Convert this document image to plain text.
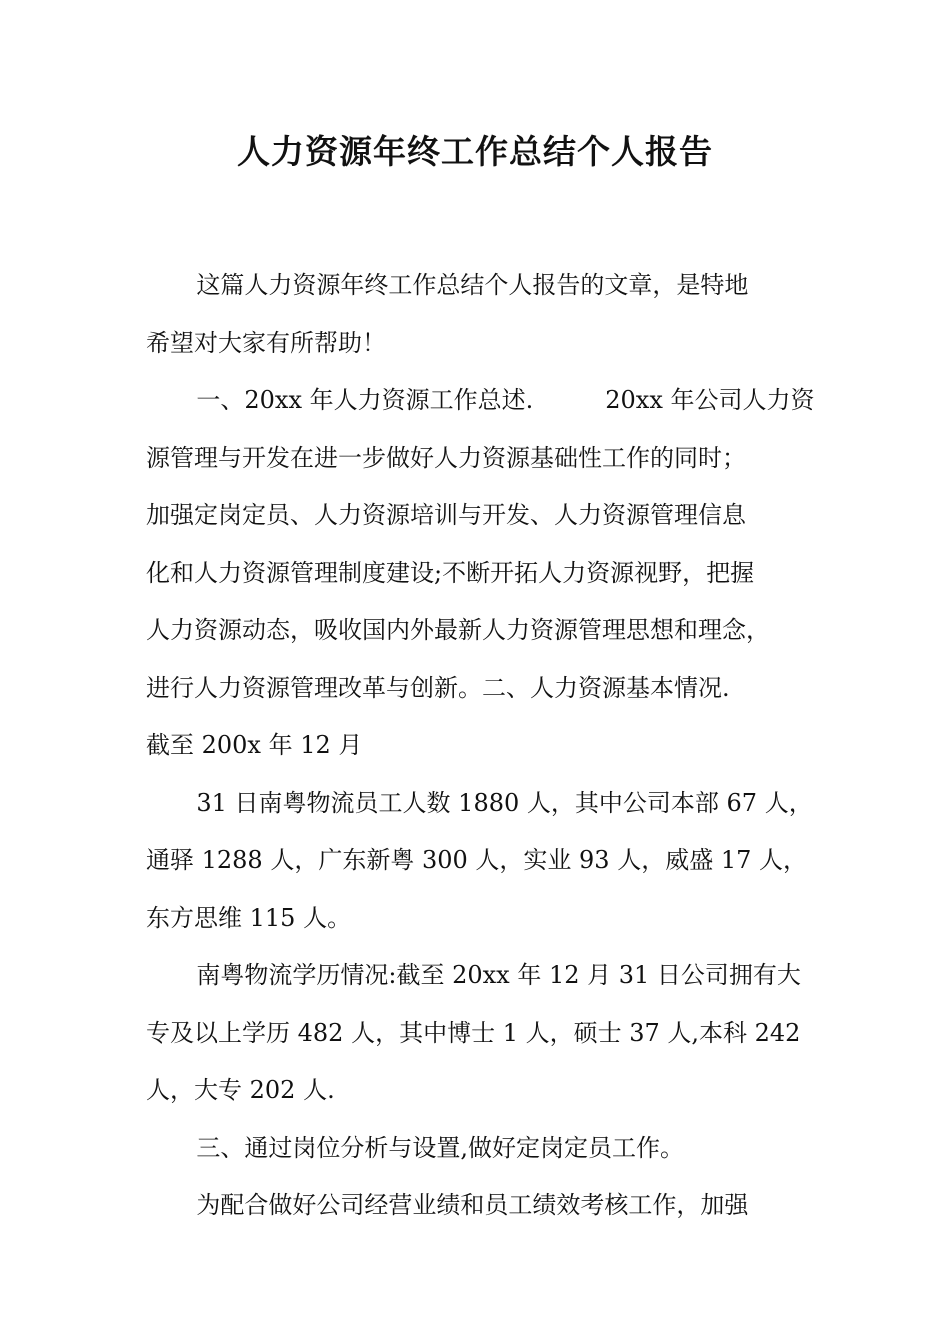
人力资源年终工作总结个人报告

这篇人力资源年终工作总结个人报告的文章，是特地
希望对大家有所帮助！

一、20xx 年人力资源工作总述.　　　20xx 年公司人力资
源管理与开发在进一步做好人力资源基础性工作的同时；
加强定岗定员、人力资源培训与开发、人力资源管理信息
化和人力资源管理制度建设;不断开拓人力资源视野，把握
人力资源动态，吸收国内外最新人力资源管理思想和理念，
进行人力资源管理改革与创新。二、人力资源基本情况.
截至 200x 年 12 月

31 日南粤物流员工人数 1880 人，其中公司本部 67 人，
通驿 1288 人，广东新粤 300 人，实业 93 人，威盛 17 人，
东方思维 115 人。

南粤物流学历情况:截至 20xx 年 12 月 31 日公司拥有大
专及以上学历 482 人，其中博士 1 人，硕士 37 人,本科 242
人，大专 202 人.

三、通过岗位分析与设置,做好定岗定员工作。

为配合做好公司经营业绩和员工绩效考核工作，加强
